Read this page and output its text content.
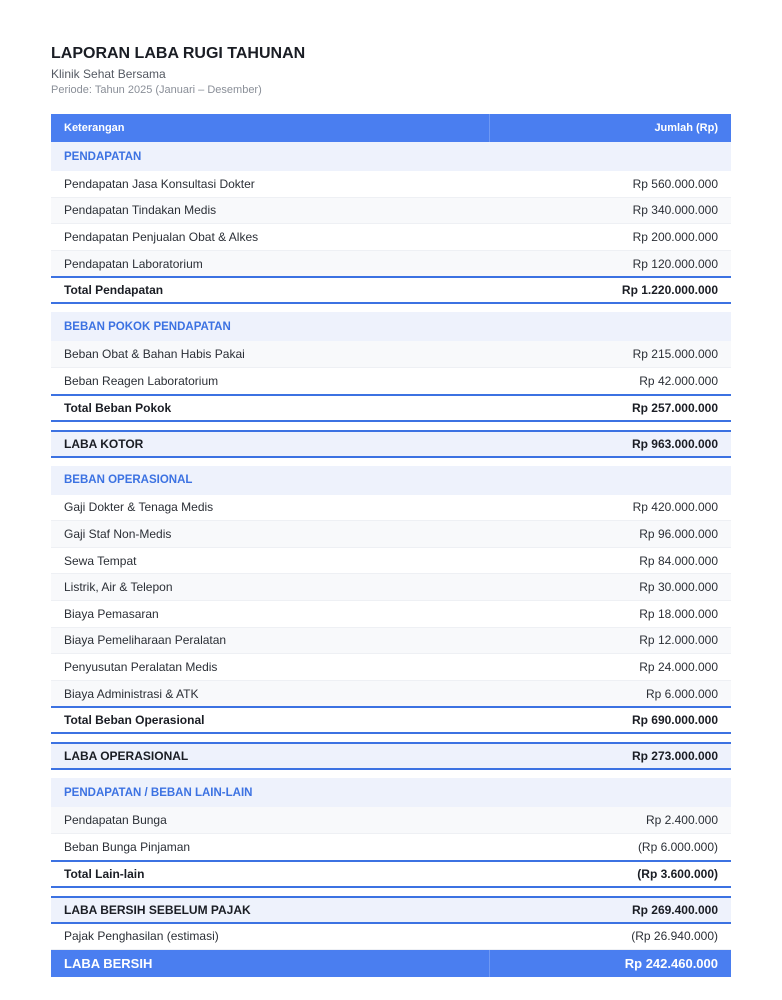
LAPORAN LABA RUGI TAHUNAN
Klinik Sehat Bersama
Periode: Tahun 2025 (Januari – Desember)
Keterangan	Jumlah (Rp)
PENDAPATAN	
Pendapatan Jasa Konsultasi Dokter	Rp 560.000.000
Pendapatan Tindakan Medis	Rp 340.000.000
Pendapatan Penjualan Obat & Alkes	Rp 200.000.000
Pendapatan Laboratorium	Rp 120.000.000
Total Pendapatan	Rp 1.220.000.000

BEBAN POKOK PENDAPATAN	
Beban Obat & Bahan Habis Pakai	Rp 215.000.000
Beban Reagen Laboratorium	Rp 42.000.000
Total Beban Pokok	Rp 257.000.000

LABA KOTOR	Rp 963.000.000

BEBAN OPERASIONAL	
Gaji Dokter & Tenaga Medis	Rp 420.000.000
Gaji Staf Non-Medis	Rp 96.000.000
Sewa Tempat	Rp 84.000.000
Listrik, Air & Telepon	Rp 30.000.000
Biaya Pemasaran	Rp 18.000.000
Biaya Pemeliharaan Peralatan	Rp 12.000.000
Penyusutan Peralatan Medis	Rp 24.000.000
Biaya Administrasi & ATK	Rp 6.000.000
Total Beban Operasional	Rp 690.000.000

LABA OPERASIONAL	Rp 273.000.000

PENDAPATAN / BEBAN LAIN-LAIN	
Pendapatan Bunga	Rp 2.400.000
Beban Bunga Pinjaman	(Rp 6.000.000)
Total Lain-lain	(Rp 3.600.000)

LABA BERSIH SEBELUM PAJAK	Rp 269.400.000
Pajak Penghasilan (estimasi)	(Rp 26.940.000)
LABA BERSIH	Rp 242.460.000
